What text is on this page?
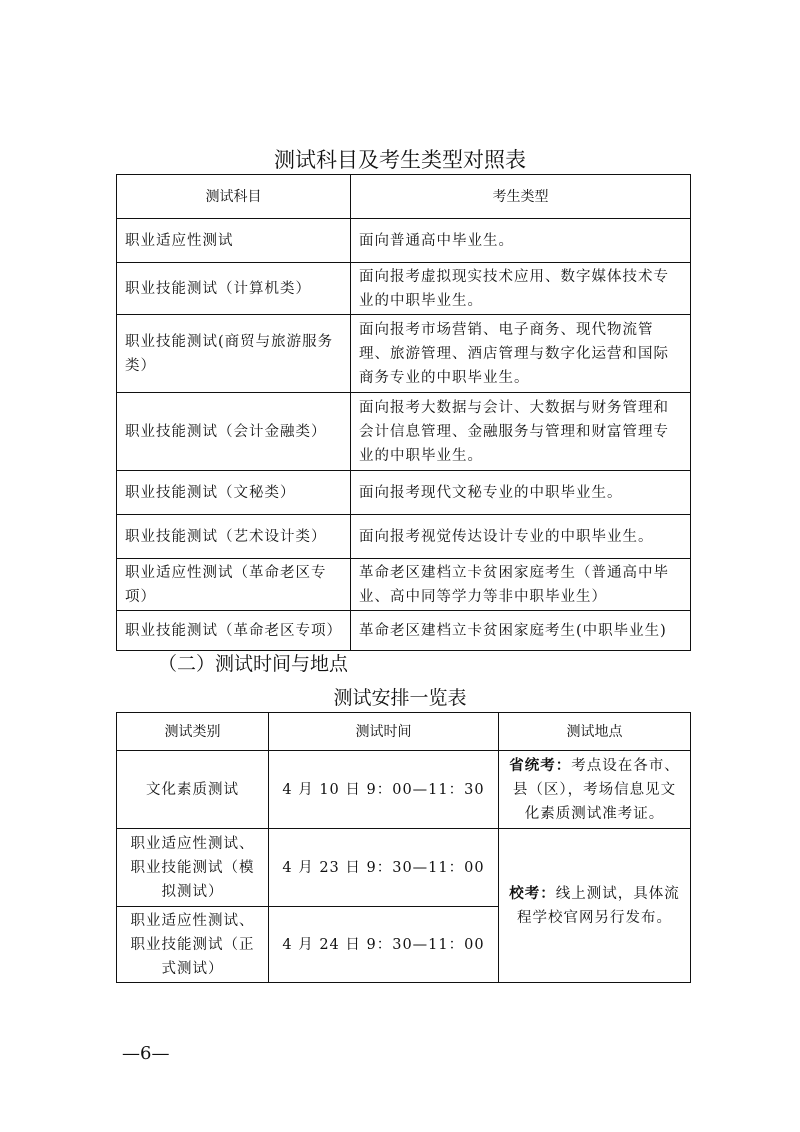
测试科目及考生类型对照表
测试科目	考生类型
职业适应性测试	面向普通高中毕业生。
职业技能测试（计算机类）	面向报考虚拟现实技术应用、数字媒体技术专业的中职毕业生。
职业技能测试(商贸与旅游服务类）	面向报考市场营销、电子商务、现代物流管理、旅游管理、酒店管理与数字化运营和国际商务专业的中职毕业生。
职业技能测试（会计金融类）	面向报考大数据与会计、大数据与财务管理和会计信息管理、金融服务与管理和财富管理专业的中职毕业生。
职业技能测试（文秘类）	面向报考现代文秘专业的中职毕业生。
职业技能测试（艺术设计类）	面向报考视觉传达设计专业的中职毕业生。
职业适应性测试（革命老区专项）	革命老区建档立卡贫困家庭考生（普通高中毕业、高中同等学力等非中职毕业生）
职业技能测试（革命老区专项）	革命老区建档立卡贫困家庭考生(中职毕业生)
（二）测试时间与地点
测试安排一览表
测试类别	测试时间	测试地点
文化素质测试	4 月 10 日 9：00—11：30	省统考：考点设在各市、县（区），考场信息见文化素质测试准考证。
职业适应性测试、职业技能测试（模拟测试）	4 月 23 日 9：30—11：00	校考：线上测试，具体流程学校官网另行发布。
职业适应性测试、职业技能测试（正式测试）	4 月 24 日 9：30—11：00	
—6—
